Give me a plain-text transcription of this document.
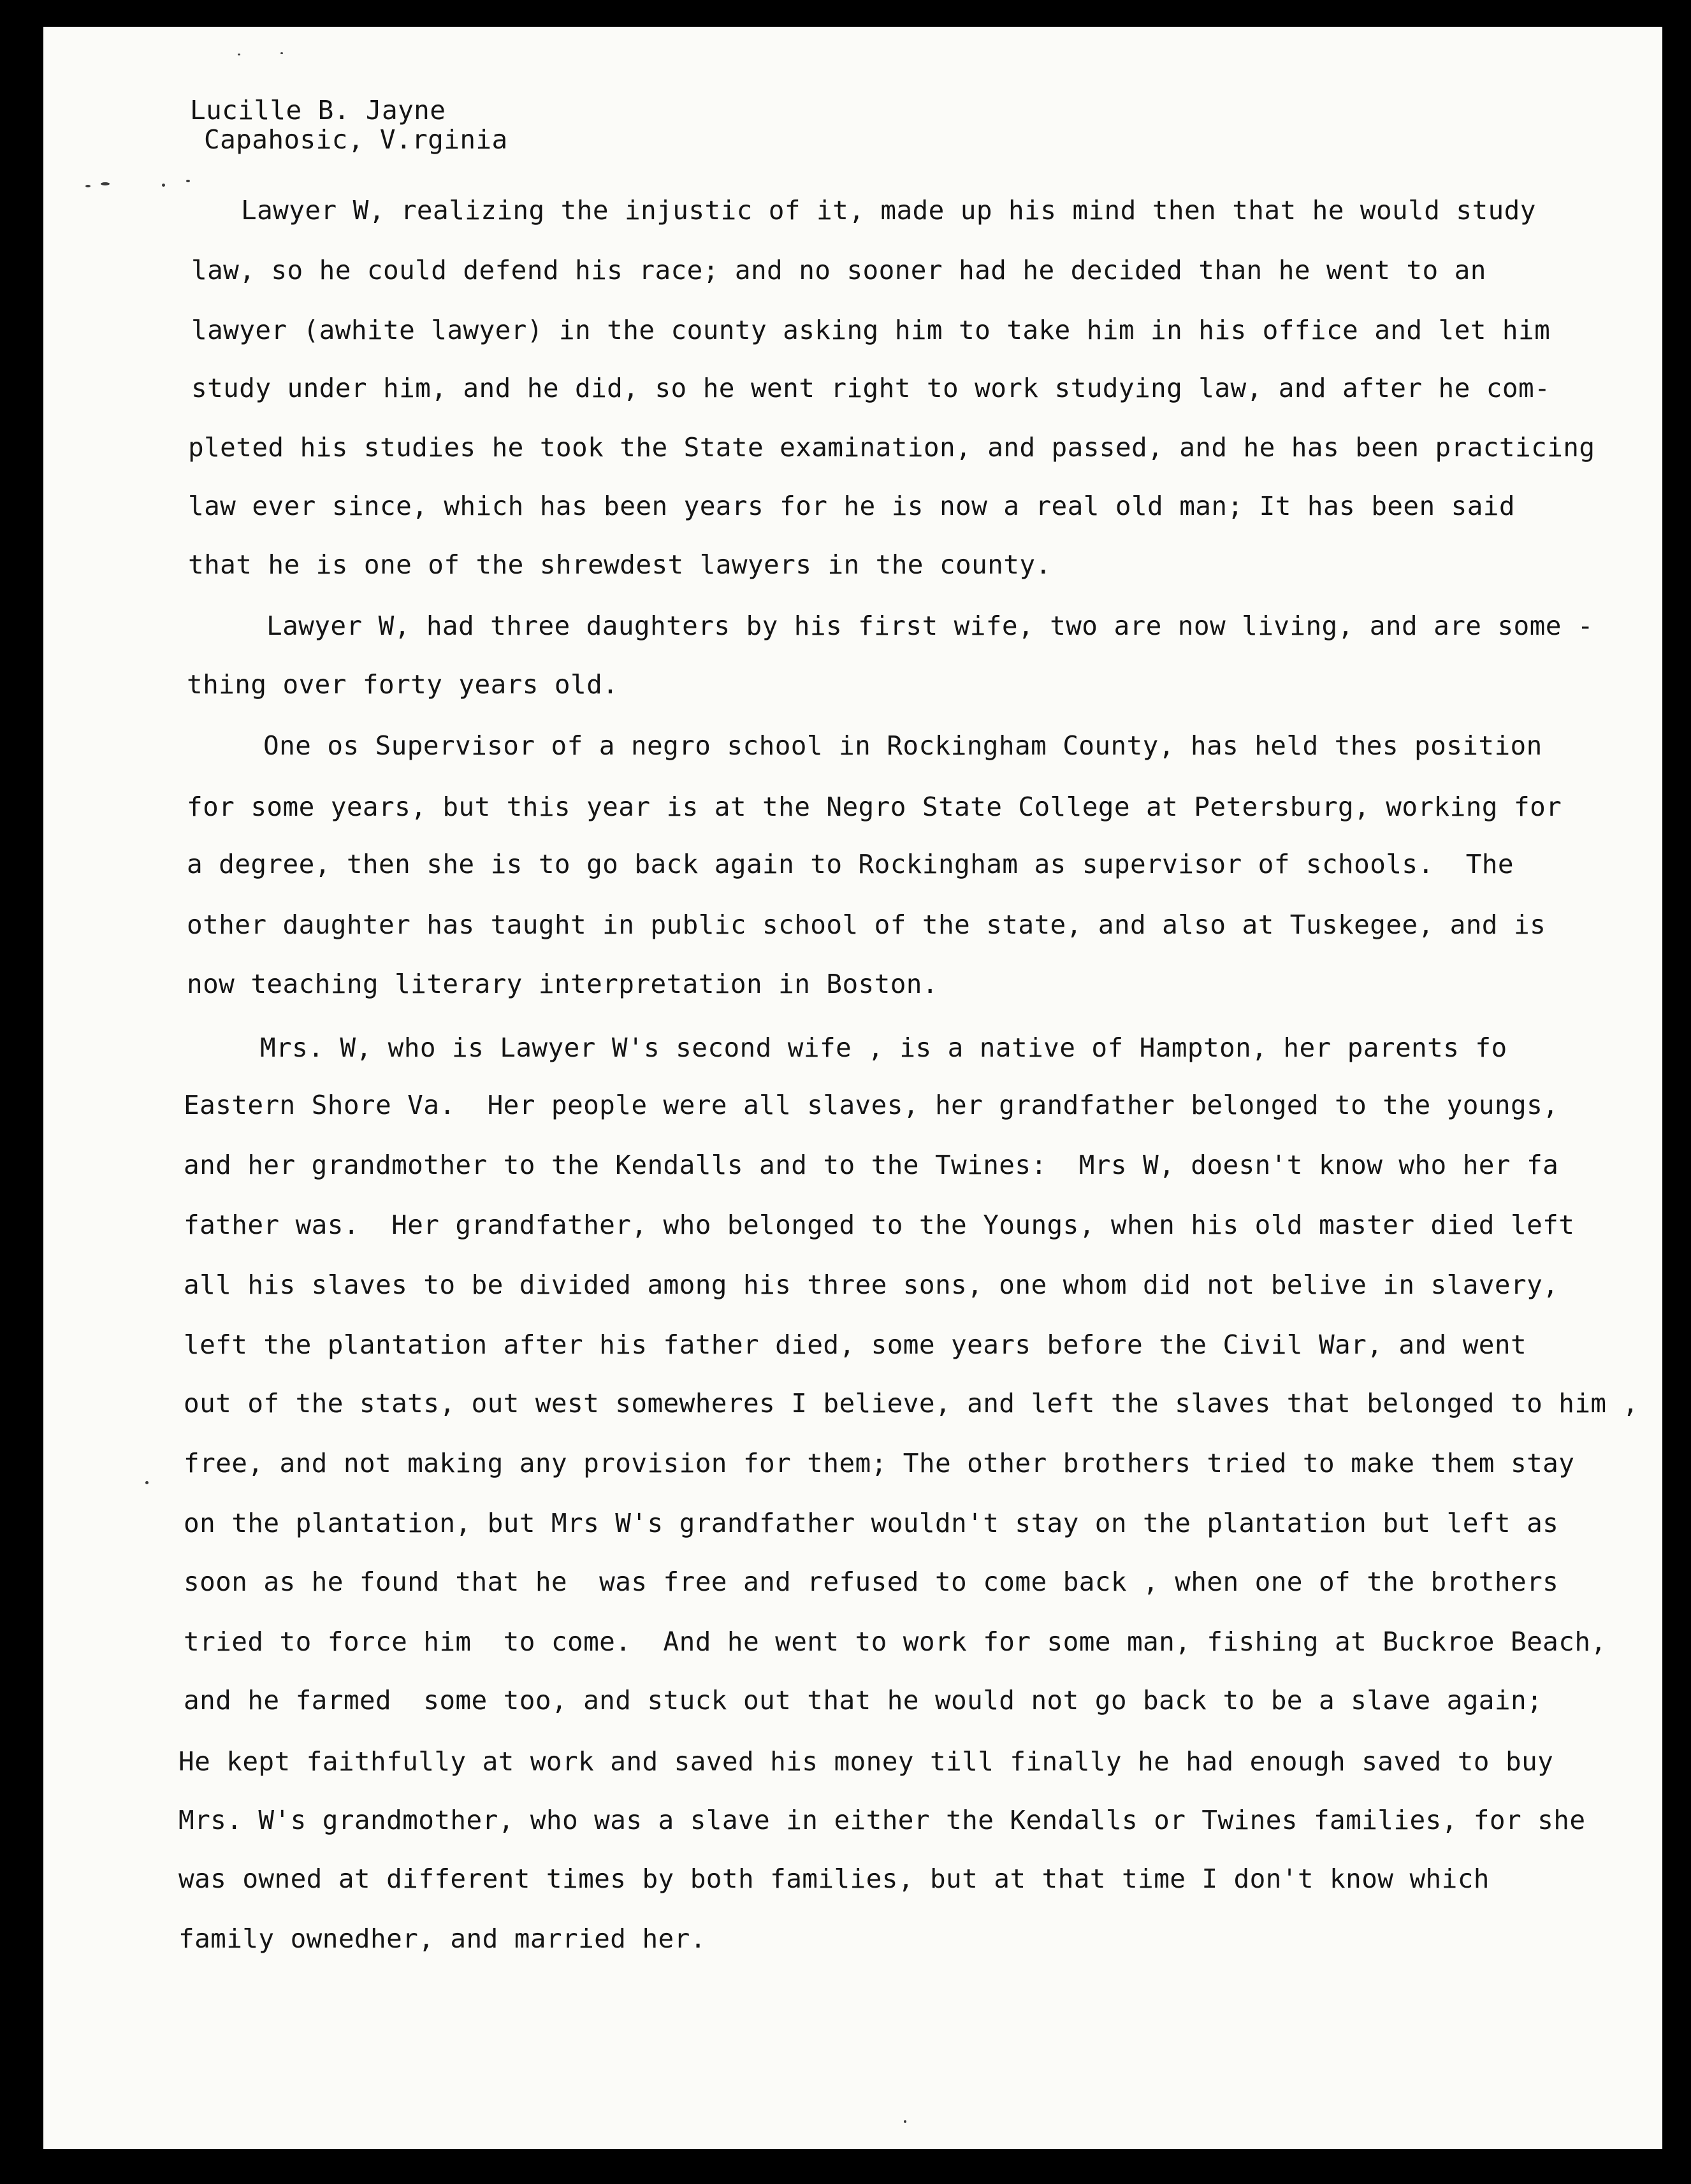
Lucille B. Jayne
Capahosic, V.rginia
Lawyer W, realizing the injustic of it, made up his mind then that he would study
law, so he could defend his race; and no sooner had he decided than he went to an
lawyer (awhite lawyer) in the county asking him to take him in his office and let him
study under him, and he did, so he went right to work studying law, and after he com-
pleted his studies he took the State examination, and passed, and he has been practicing
law ever since, which has been years for he is now a real old man; It has been said
that he is one of the shrewdest lawyers in the county.
Lawyer W, had three daughters by his first wife, two are now living, and are some -
thing over forty years old.
One os Supervisor of a negro school in Rockingham County, has held thes position
for some years, but this year is at the Negro State College at Petersburg, working for
a degree, then she is to go back again to Rockingham as supervisor of schools.  The
other daughter has taught in public school of the state, and also at Tuskegee, and is
now teaching literary interpretation in Boston.
Mrs. W, who is Lawyer W's second wife , is a native of Hampton, her parents fo
Eastern Shore Va.  Her people were all slaves, her grandfather belonged to the youngs,
and her grandmother to the Kendalls and to the Twines:  Mrs W, doesn't know who her fa
father was.  Her grandfather, who belonged to the Youngs, when his old master died left
all his slaves to be divided among his three sons, one whom did not belive in slavery,
left the plantation after his father died, some years before the Civil War, and went
out of the stats, out west somewheres I believe, and left the slaves that belonged to him ,
free, and not making any provision for them; The other brothers tried to make them stay
on the plantation, but Mrs W's grandfather wouldn't stay on the plantation but left as
soon as he found that he  was free and refused to come back , when one of the brothers
tried to force him  to come.  And he went to work for some man, fishing at Buckroe Beach,
and he farmed  some too, and stuck out that he would not go back to be a slave again;
He kept faithfully at work and saved his money till finally he had enough saved to buy
Mrs. W's grandmother, who was a slave in either the Kendalls or Twines families, for she
was owned at different times by both families, but at that time I don't know which
family ownedher, and married her.
